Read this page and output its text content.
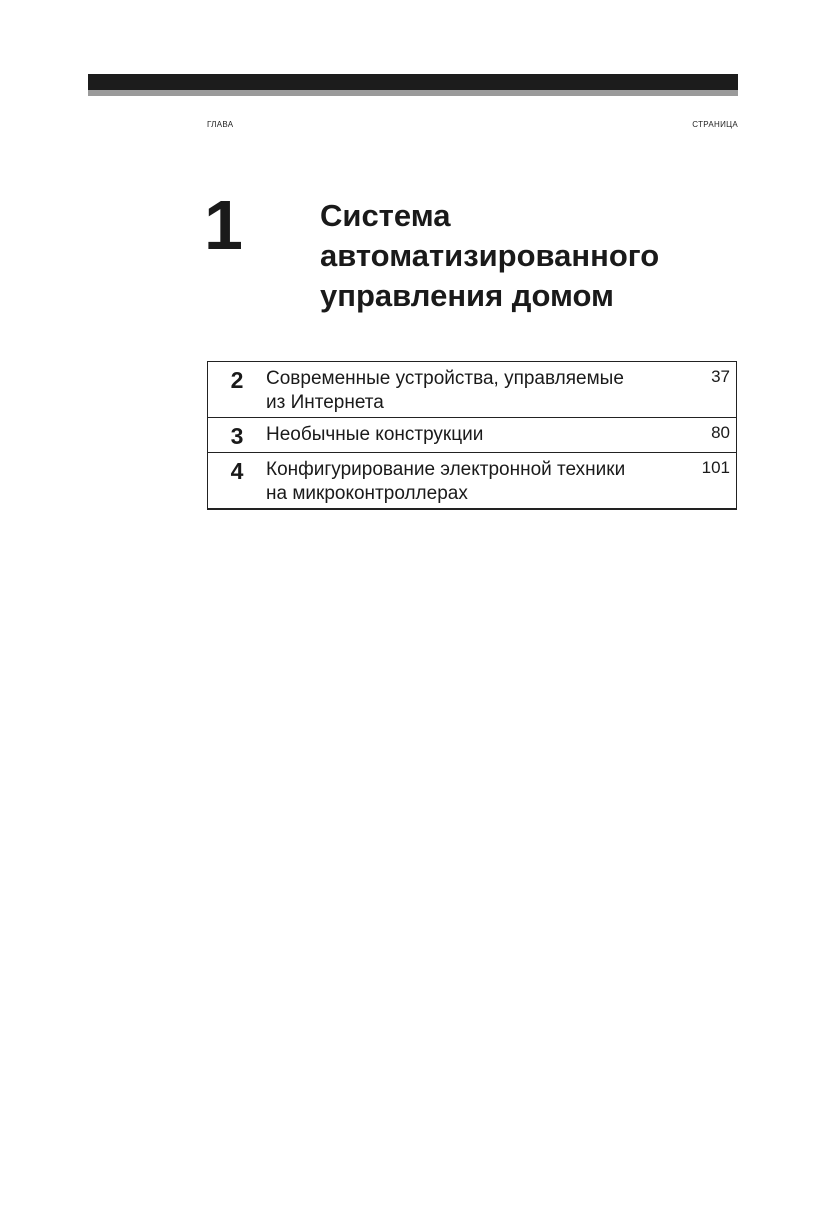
ГЛАВА	СТРАНИЦА
1 Система
автоматизированного
управления домом
2	Современные устройства, управляемые
из Интернета	37
3	Необычные конструкции	80
4	Конфигурирование электронной техники
на микроконтроллерах	101
